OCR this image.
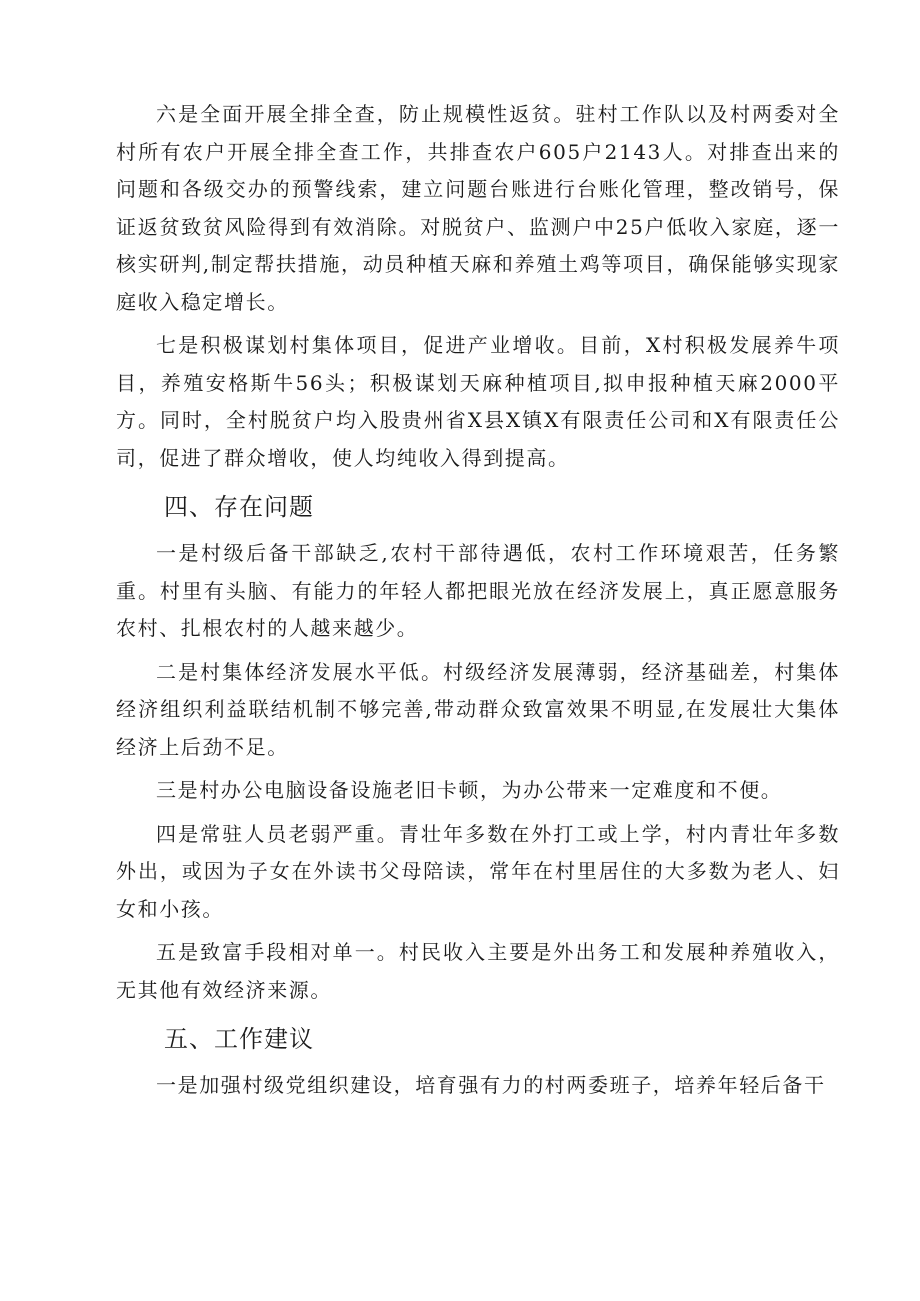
六是全面开展全排全查，防止规模性返贫。驻村工作队以及村两委对全村所有农户开展全排全查工作，共排查农户605户2143人。对排查出来的问题和各级交办的预警线索，建立问题台账进行台账化管理，整改销号，保证返贫致贫风险得到有效消除。对脱贫户、监测户中25户低收入家庭，逐一核实研判,制定帮扶措施，动员种植天麻和养殖土鸡等项目，确保能够实现家庭收入稳定增长。

七是积极谋划村集体项目，促进产业增收。目前，X村积极发展养牛项目，养殖安格斯牛56头；积极谋划天麻种植项目,拟申报种植天麻2000平方。同时，全村脱贫户均入股贵州省X县X镇X有限责任公司和X有限责任公司，促进了群众增收，使人均纯收入得到提高。

四、存在问题

一是村级后备干部缺乏,农村干部待遇低，农村工作环境艰苦，任务繁重。村里有头脑、有能力的年轻人都把眼光放在经济发展上，真正愿意服务农村、扎根农村的人越来越少。

二是村集体经济发展水平低。村级经济发展薄弱，经济基础差，村集体经济组织利益联结机制不够完善,带动群众致富效果不明显,在发展壮大集体经济上后劲不足。

三是村办公电脑设备设施老旧卡顿，为办公带来一定难度和不便。

四是常驻人员老弱严重。青壮年多数在外打工或上学，村内青壮年多数外出，或因为子女在外读书父母陪读，常年在村里居住的大多数为老人、妇女和小孩。

五是致富手段相对单一。村民收入主要是外出务工和发展种养殖收入，无其他有效经济来源。

五、工作建议

一是加强村级党组织建设，培育强有力的村两委班子，培养年轻后备干
